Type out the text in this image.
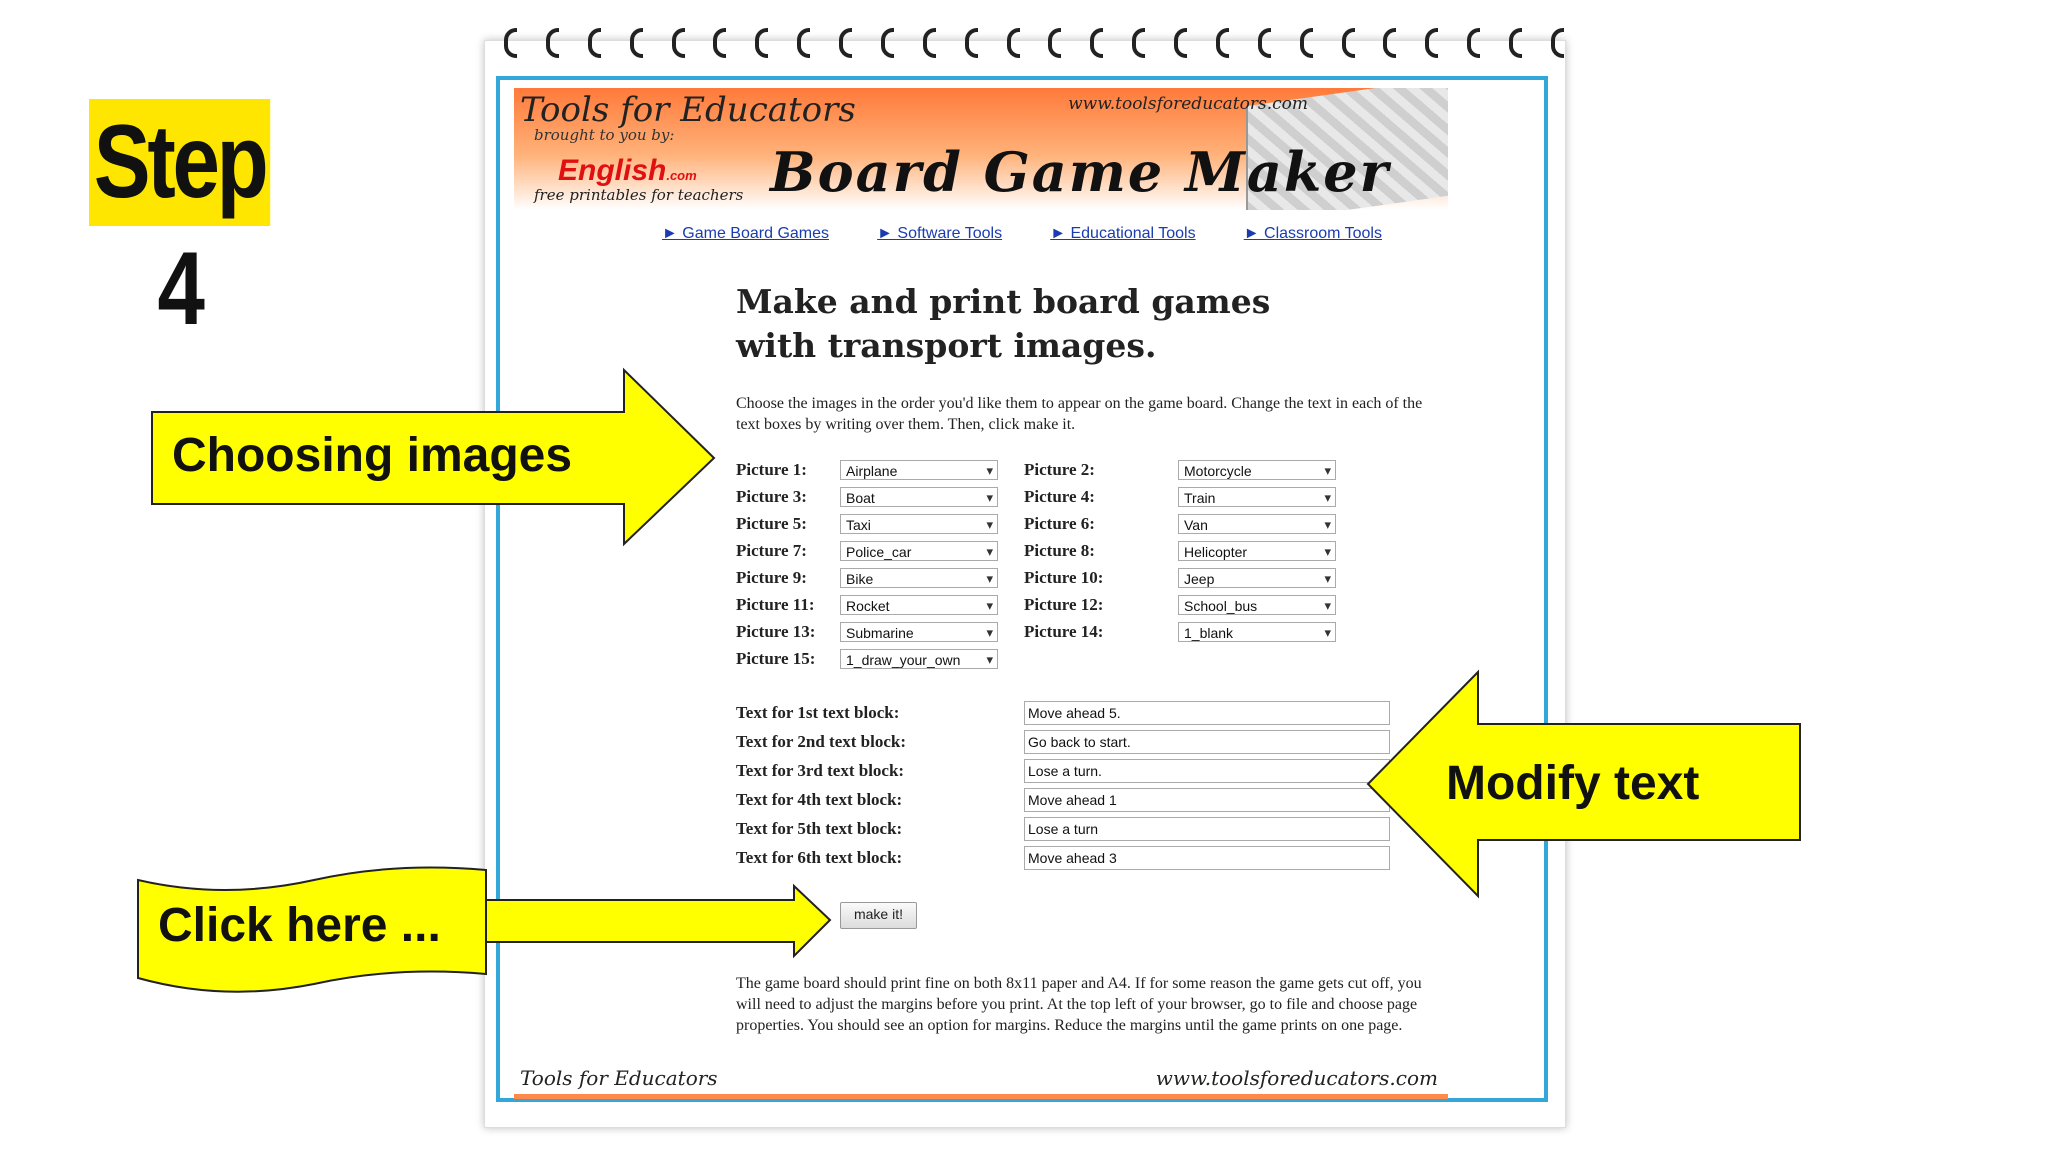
Step 4
Tools for Educators
brought to you by:
English.com
free printables for teachers
www.toolsforeducators.com
Board Game Maker
► Game Board Games	► Software Tools	► Educational Tools	► Classroom Tools
Make and print board games with transport images.

Choose the images in the order you'd like them to appear on the game board. Change the text in each of the text boxes by writing over them. Then, click make it.

Picture 1:	Airplane ▾	Picture 2:	Motorcycle ▾
Picture 3:	Boat ▾	Picture 4:	Train ▾
Picture 5:	Taxi ▾	Picture 6:	Van ▾
Picture 7:	Police_car ▾	Picture 8:	Helicopter ▾
Picture 9:	Bike ▾	Picture 10:	Jeep ▾
Picture 11:	Rocket ▾	Picture 12:	School_bus ▾
Picture 13:	Submarine ▾	Picture 14:	1_blank ▾
Picture 15:	1_draw_your_own ▾
Text for 1st text block:	Move ahead 5.
Text for 2nd text block:	Go back to start.
Text for 3rd text block:	Lose a turn.
Text for 4th text block:	Move ahead 1
Text for 5th text block:	Lose a turn
Text for 6th text block:	Move ahead 3
make it!

The game board should print fine on both 8x11 paper and A4. If for some reason the game gets cut off, you will need to adjust the margins before you print. At the top left of your browser, go to file and choose page properties. You should see an option for margins. Reduce the margins until the game prints on one page.

Tools for Educators	www.toolsforeducators.com
Choosing images
Modify text
Click here ...
